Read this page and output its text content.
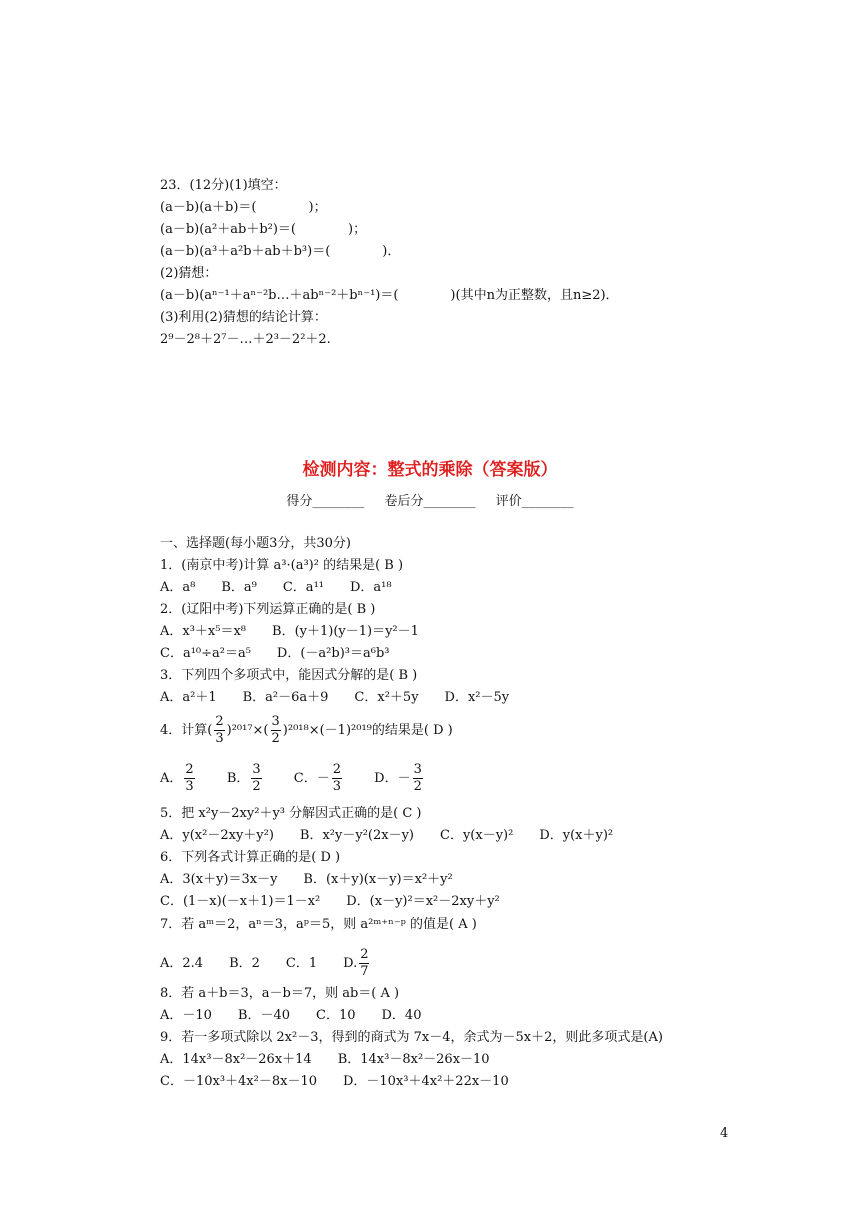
23．(12分)(1)填空：
(a－b)(a＋b)＝(　　　　)；
(a－b)(a²＋ab＋b²)＝(　　　　)；
(a－b)(a³＋a²b＋ab＋b³)＝(　　　　)．
(2)猜想：
(a－b)(aⁿ⁻¹＋aⁿ⁻²b…＋abⁿ⁻²＋bⁿ⁻¹)＝(　　　　)(其中n为正整数，且n≥2)．
(3)利用(2)猜想的结论计算：
2⁹－2⁸＋2⁷－…＋2³－2²＋2.
检测内容：整式的乘除（答案版）
得分________ 卷后分________ 评价________
一、选择题(每小题3分，共30分)
1．(南京中考)计算 a³·(a³)² 的结果是( B )
A．a⁸　　B．a⁹　　C．a¹¹　　D．a¹⁸
2．(辽阳中考)下列运算正确的是( B )
A．x³＋x⁵＝x⁸　　B．(y＋1)(y－1)＝y²－1
C．a¹⁰÷a²＝a⁵　　D．(－a²b)³＝a⁶b³
3．下列四个多项式中，能因式分解的是( B )
A．a²＋1　　B．a²－6a＋9　　C．x²＋5y　　D．x²－5y
4．计算( $\frac{2}{3} )^{2017}\times( \frac{3}{2} )^{2018}\times(-1)^{2019}$的结果是( D )
A． $\frac{2}{3}$ B． $\frac{3}{2}$ C．－ $\frac{2}{3}$ D．－ $\frac{3}{2}$
5．把 x²y－2xy²＋y³ 分解因式正确的是( C )
A．y(x²－2xy＋y²)　　B．x²y－y²(2x－y)　　C．y(x－y)²　　D．y(x＋y)²
6．下列各式计算正确的是( D )
A．3(x＋y)＝3x－y　　B．(x＋y)(x－y)＝x²＋y²
C．(1－x)(－x＋1)＝1－x²　　D．(x－y)²＝x²－2xy＋y²
7．若 aᵐ＝2，aⁿ＝3，aᵖ＝5，则 a²ᵐ⁺ⁿ⁻ᵖ 的值是( A )
A．2.4　　B．2　　C．1　　D. $\frac{2}{7}$
8．若 a＋b＝3，a－b＝7，则 ab＝( A )
A．－10　　B．－40　　C．10　　D．40
9．若一多项式除以 2x²－3，得到的商式为 7x－4，余式为－5x＋2，则此多项式是(A)
A．14x³－8x²－26x＋14　　B．14x³－8x²－26x－10
C．－10x³＋4x²－8x－10　　D．－10x³＋4x²＋22x－10
4
